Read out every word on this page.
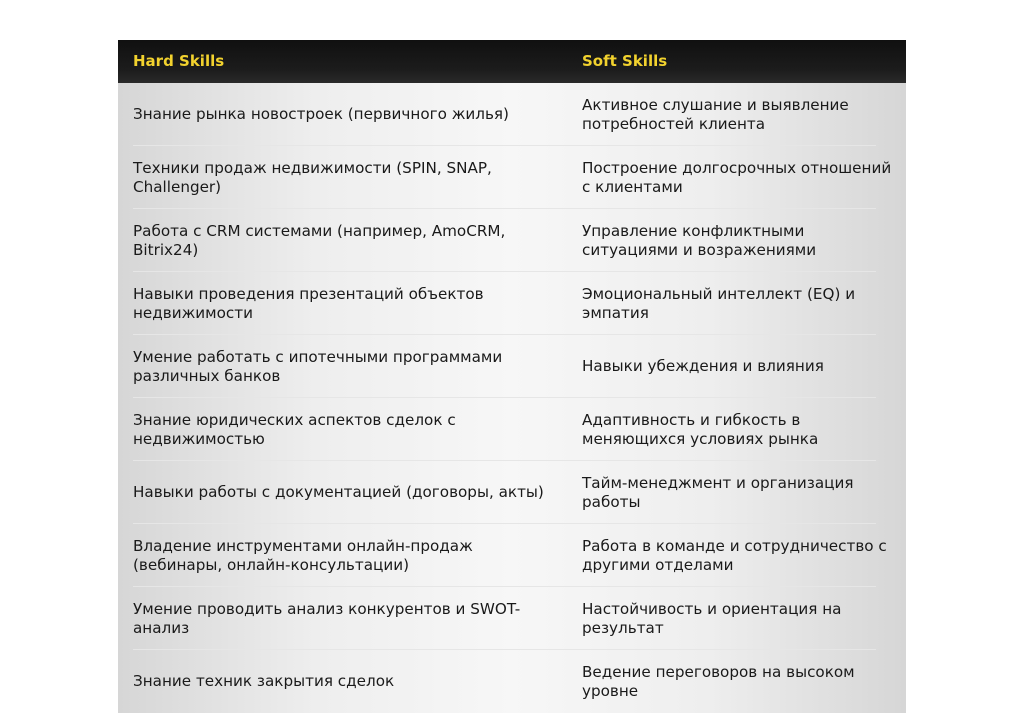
Hard Skills	Soft Skills
Знание рынка новостроек (первичного жилья)
Активное слушание и выявление потребностей клиента
Техники продаж недвижимости (SPIN, SNAP, Challenger)
Построение долгосрочных отношений с клиентами
Работа с CRM системами (например, AmoCRM, Bitrix24)
Управление конфликтными ситуациями и возражениями
Навыки проведения презентаций объектов недвижимости
Эмоциональный интеллект (EQ) и эмпатия
Умение работать с ипотечными программами различных банков
Навыки убеждения и влияния
Знание юридических аспектов сделок с недвижимостью
Адаптивность и гибкость в меняющихся условиях рынка
Навыки работы с документацией (договоры, акты)
Тайм-менеджмент и организация работы
Владение инструментами онлайн-продаж (вебинары, онлайн-консультации)
Работа в команде и сотрудничество с другими отделами
Умение проводить анализ конкурентов и SWOT-анализ
Настойчивость и ориентация на результат
Знание техник закрытия сделок
Ведение переговоров на высоком уровне
